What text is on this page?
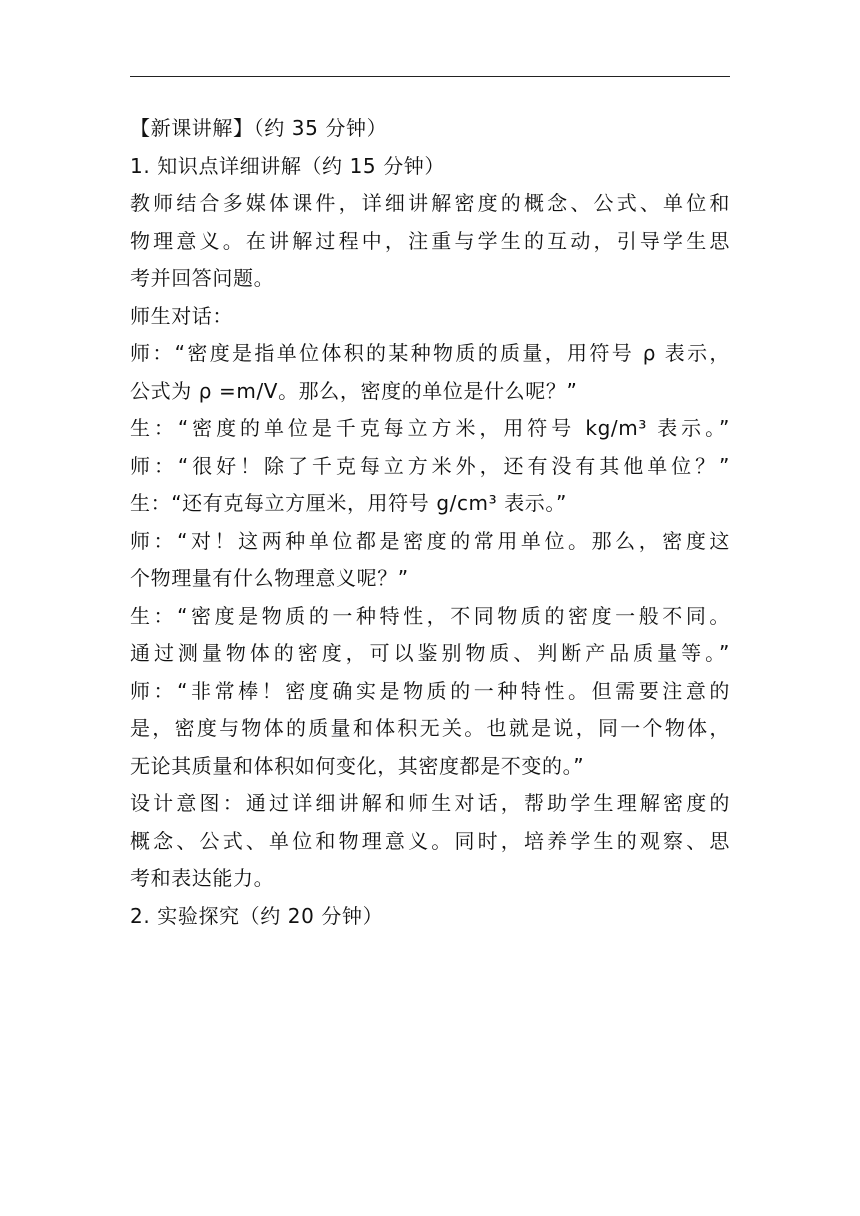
【新课讲解】（约 35 分钟）
1. 知识点详细讲解（约 15 分钟）
教师结合多媒体课件，详细讲解密度的概念、公式、单位和
物理意义。在讲解过程中，注重与学生的互动，引导学生思
考并回答问题。
师生对话：
师：“密度是指单位体积的某种物质的质量，用符号 ρ 表示，
公式为 ρ =m/V。那么，密度的单位是什么呢？”
生：“密度的单位是千克每立方米，用符号 kg/m³ 表示。”
师：“很好！除了千克每立方米外，还有没有其他单位？”
生：“还有克每立方厘米，用符号 g/cm³ 表示。”
师：“对！这两种单位都是密度的常用单位。那么，密度这
个物理量有什么物理意义呢？”
生：“密度是物质的一种特性，不同物质的密度一般不同。
通过测量物体的密度，可以鉴别物质、判断产品质量等。”
师：“非常棒！密度确实是物质的一种特性。但需要注意的
是，密度与物体的质量和体积无关。也就是说，同一个物体，
无论其质量和体积如何变化，其密度都是不变的。”
设计意图：通过详细讲解和师生对话，帮助学生理解密度的
概念、公式、单位和物理意义。同时，培养学生的观察、思
考和表达能力。
2. 实验探究（约 20 分钟）
